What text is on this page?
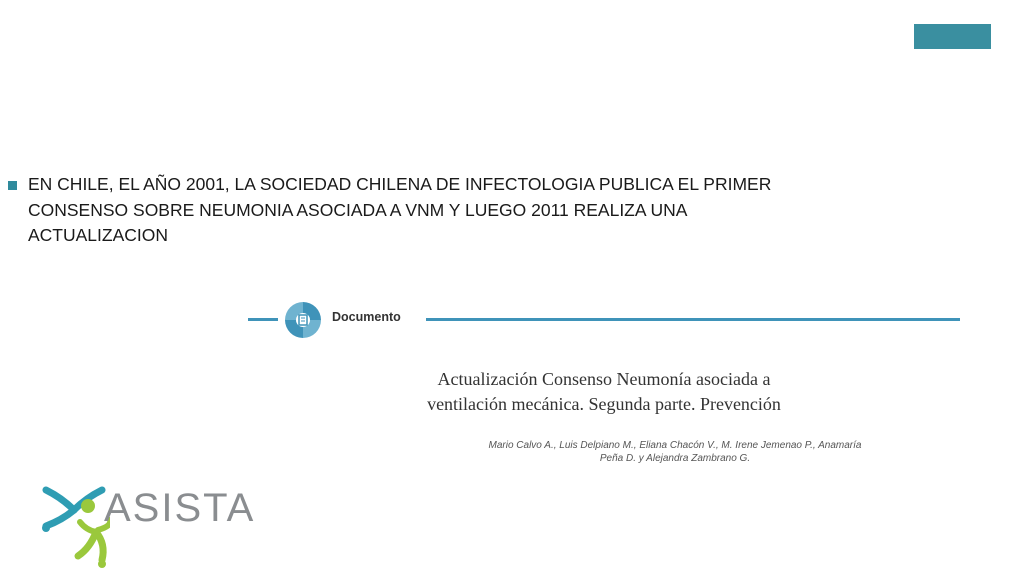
EN CHILE, EL AÑO 2001, LA SOCIEDAD CHILENA DE INFECTOLOGIA PUBLICA EL PRIMER CONSENSO SOBRE NEUMONIA ASOCIADA A VNM Y LUEGO 2011 REALIZA UNA ACTUALIZACION
Documento
Actualización Consenso Neumonía asociada a ventilación mecánica. Segunda parte. Prevención
Mario Calvo A., Luis Delpiano M., Eliana Chacón V., M. Irene Jemenao P., Anamaría Peña D. y Alejandra Zambrano G.
ASISTA
